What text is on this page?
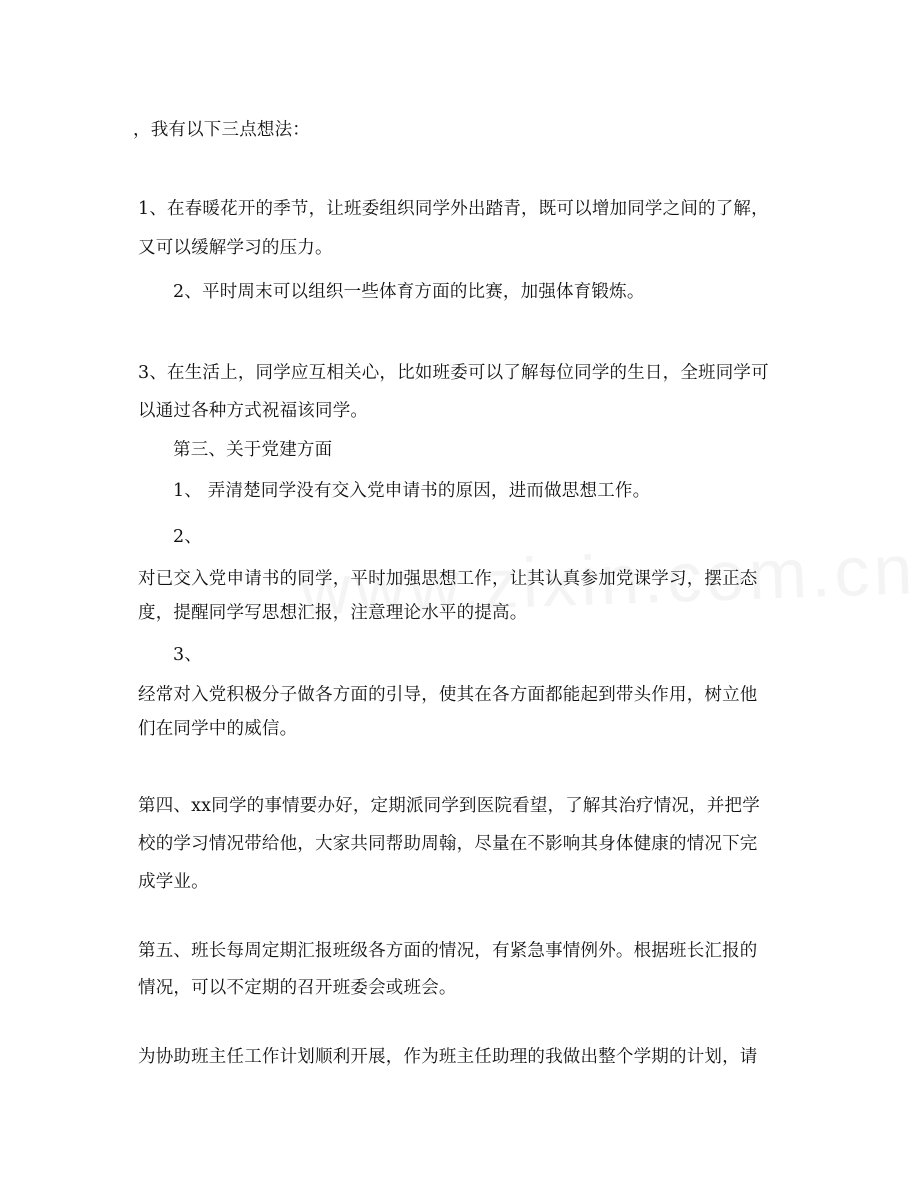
，我有以下三点想法：
1、在春暖花开的季节，让班委组织同学外出踏青，既可以增加同学之间的了解，
又可以缓解学习的压力。
2、平时周末可以组织一些体育方面的比赛，加强体育锻炼。
3、在生活上，同学应互相关心，比如班委可以了解每位同学的生日，全班同学可
以通过各种方式祝福该同学。
第三、关于党建方面
1、 弄清楚同学没有交入党申请书的原因，进而做思想工作。
2、
对已交入党申请书的同学，平时加强思想工作，让其认真参加党课学习，摆正态
度，提醒同学写思想汇报，注意理论水平的提高。
3、
经常对入党积极分子做各方面的引导，使其在各方面都能起到带头作用，树立他
们在同学中的威信。
第四、xx同学的事情要办好，定期派同学到医院看望，了解其治疗情况，并把学
校的学习情况带给他，大家共同帮助周翰，尽量在不影响其身体健康的情况下完
成学业。
第五、班长每周定期汇报班级各方面的情况，有紧急事情例外。根据班长汇报的
情况，可以不定期的召开班委会或班会。
为协助班主任工作计划顺利开展，作为班主任助理的我做出整个学期的计划，请
